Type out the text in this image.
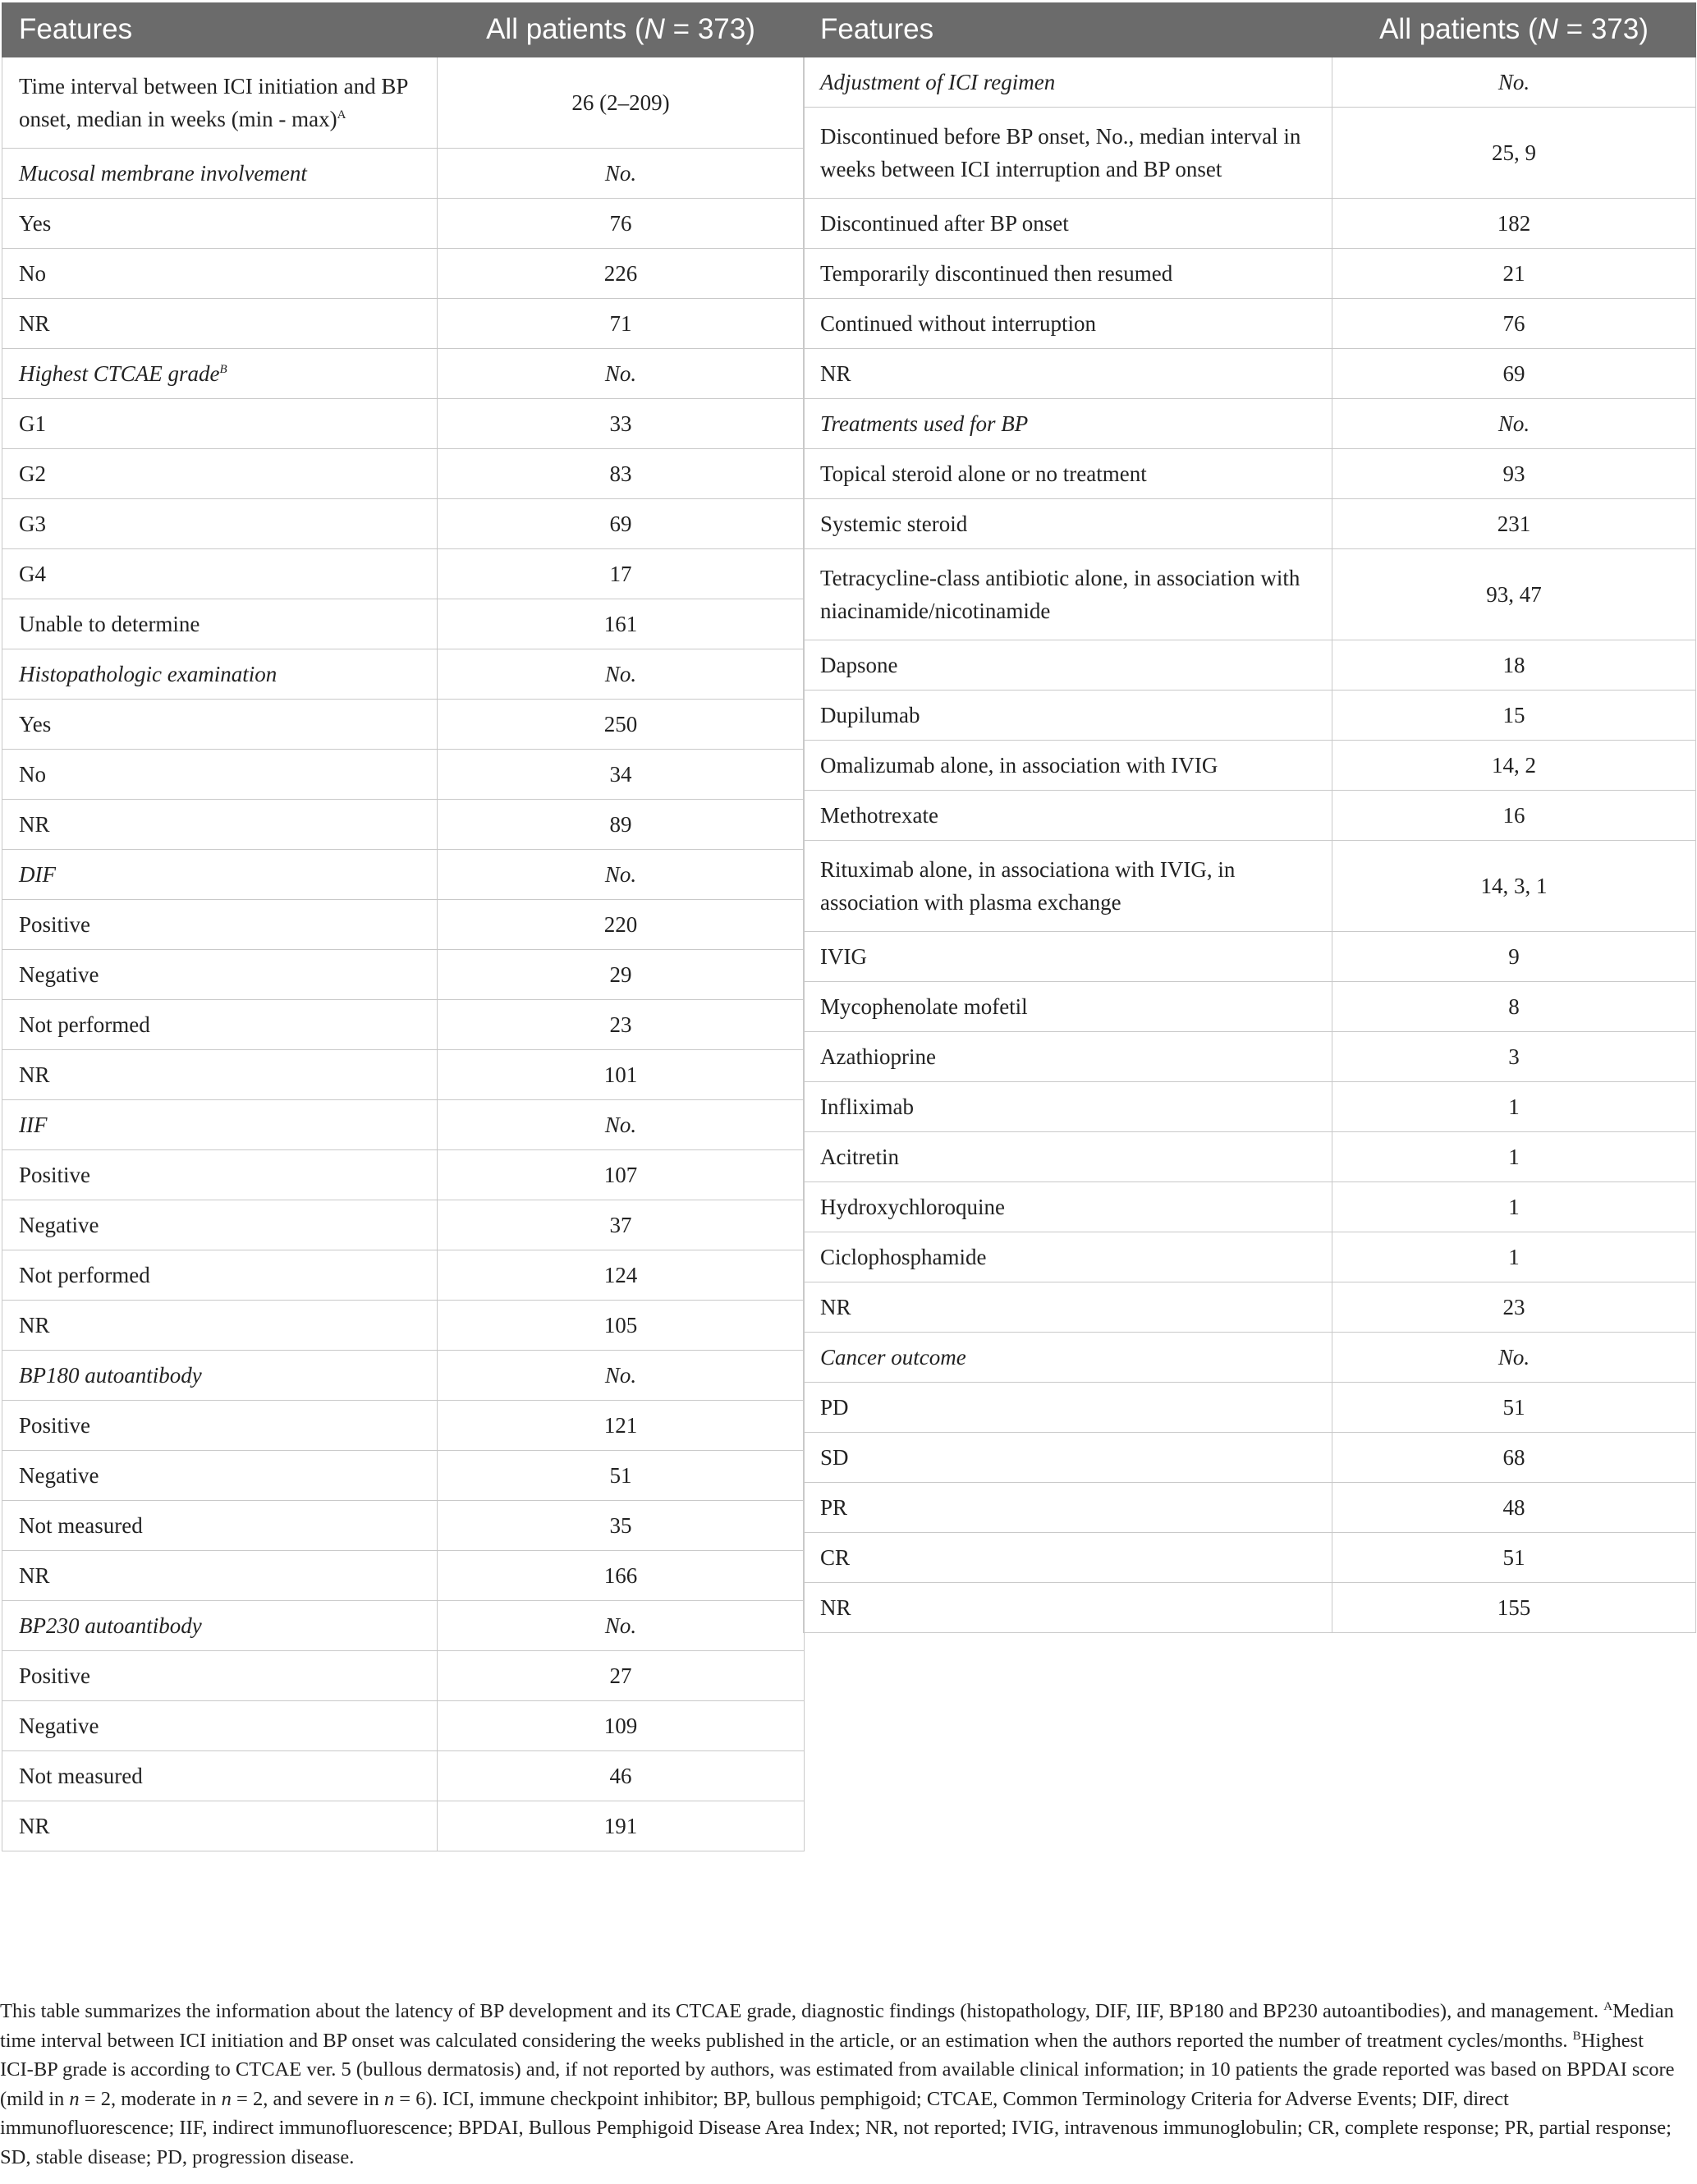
Features	All patients (N = 373)
Time interval between ICI initiation and BP onset, median in weeks (min - max)$^A$	26 (2–209)
Mucosal membrane involvement	No.
Yes	76
No	226
NR	71
Highest CTCAE grade$^B$	No.
G1	33
G2	83
G3	69
G4	17
Unable to determine	161
Histopathologic examination	No.
Yes	250
No	34
NR	89
DIF	No.
Positive	220
Negative	29
Not performed	23
NR	101
IIF	No.
Positive	107
Negative	37
Not performed	124
NR	105
BP180 autoantibody	No.
Positive	121
Negative	51
Not measured	35
NR	166
BP230 autoantibody	No.
Positive	27
Negative	109
Not measured	46
NR	191
Features	All patients (N = 373)
Adjustment of ICI regimen	No.
Discontinued before BP onset, No., median interval in weeks between ICI interruption and BP onset	25, 9
Discontinued after BP onset	182
Temporarily discontinued then resumed	21
Continued without interruption	76
NR	69
Treatments used for BP	No.
Topical steroid alone or no treatment	93
Systemic steroid	231
Tetracycline-class antibiotic alone, in association with niacinamide/nicotinamide	93, 47
Dapsone	18
Dupilumab	15
Omalizumab alone, in association with IVIG	14, 2
Methotrexate	16
Rituximab alone, in associationa with IVIG, in association with plasma exchange	14, 3, 1
IVIG	9
Mycophenolate mofetil	8
Azathioprine	3
Infliximab	1
Acitretin	1
Hydroxychloroquine	1
Ciclophosphamide	1
NR	23
Cancer outcome	No.
PD	51
SD	68
PR	48
CR	51
NR	155
This table summarizes the information about the latency of BP development and its CTCAE grade, diagnostic findings (histopathology, DIF, IIF, BP180 and BP230 autoantibodies), and management. $^A$Median time interval between ICI initiation and BP onset was calculated considering the weeks published in the article, or an estimation when the authors reported the number of treatment cycles/months. $^B$Highest ICI-BP grade is according to CTCAE ver. 5 (bullous dermatosis) and, if not reported by authors, was estimated from available clinical information; in 10 patients the grade reported was based on BPDAI score (mild in n = 2, moderate in n = 2, and severe in n = 6). ICI, immune checkpoint inhibitor; BP, bullous pemphigoid; CTCAE, Common Terminology Criteria for Adverse Events; DIF, direct immunofluorescence; IIF, indirect immunofluorescence; BPDAI, Bullous Pemphigoid Disease Area Index; NR, not reported; IVIG, intravenous immunoglobulin; CR, complete response; PR, partial response; SD, stable disease; PD, progression disease.
